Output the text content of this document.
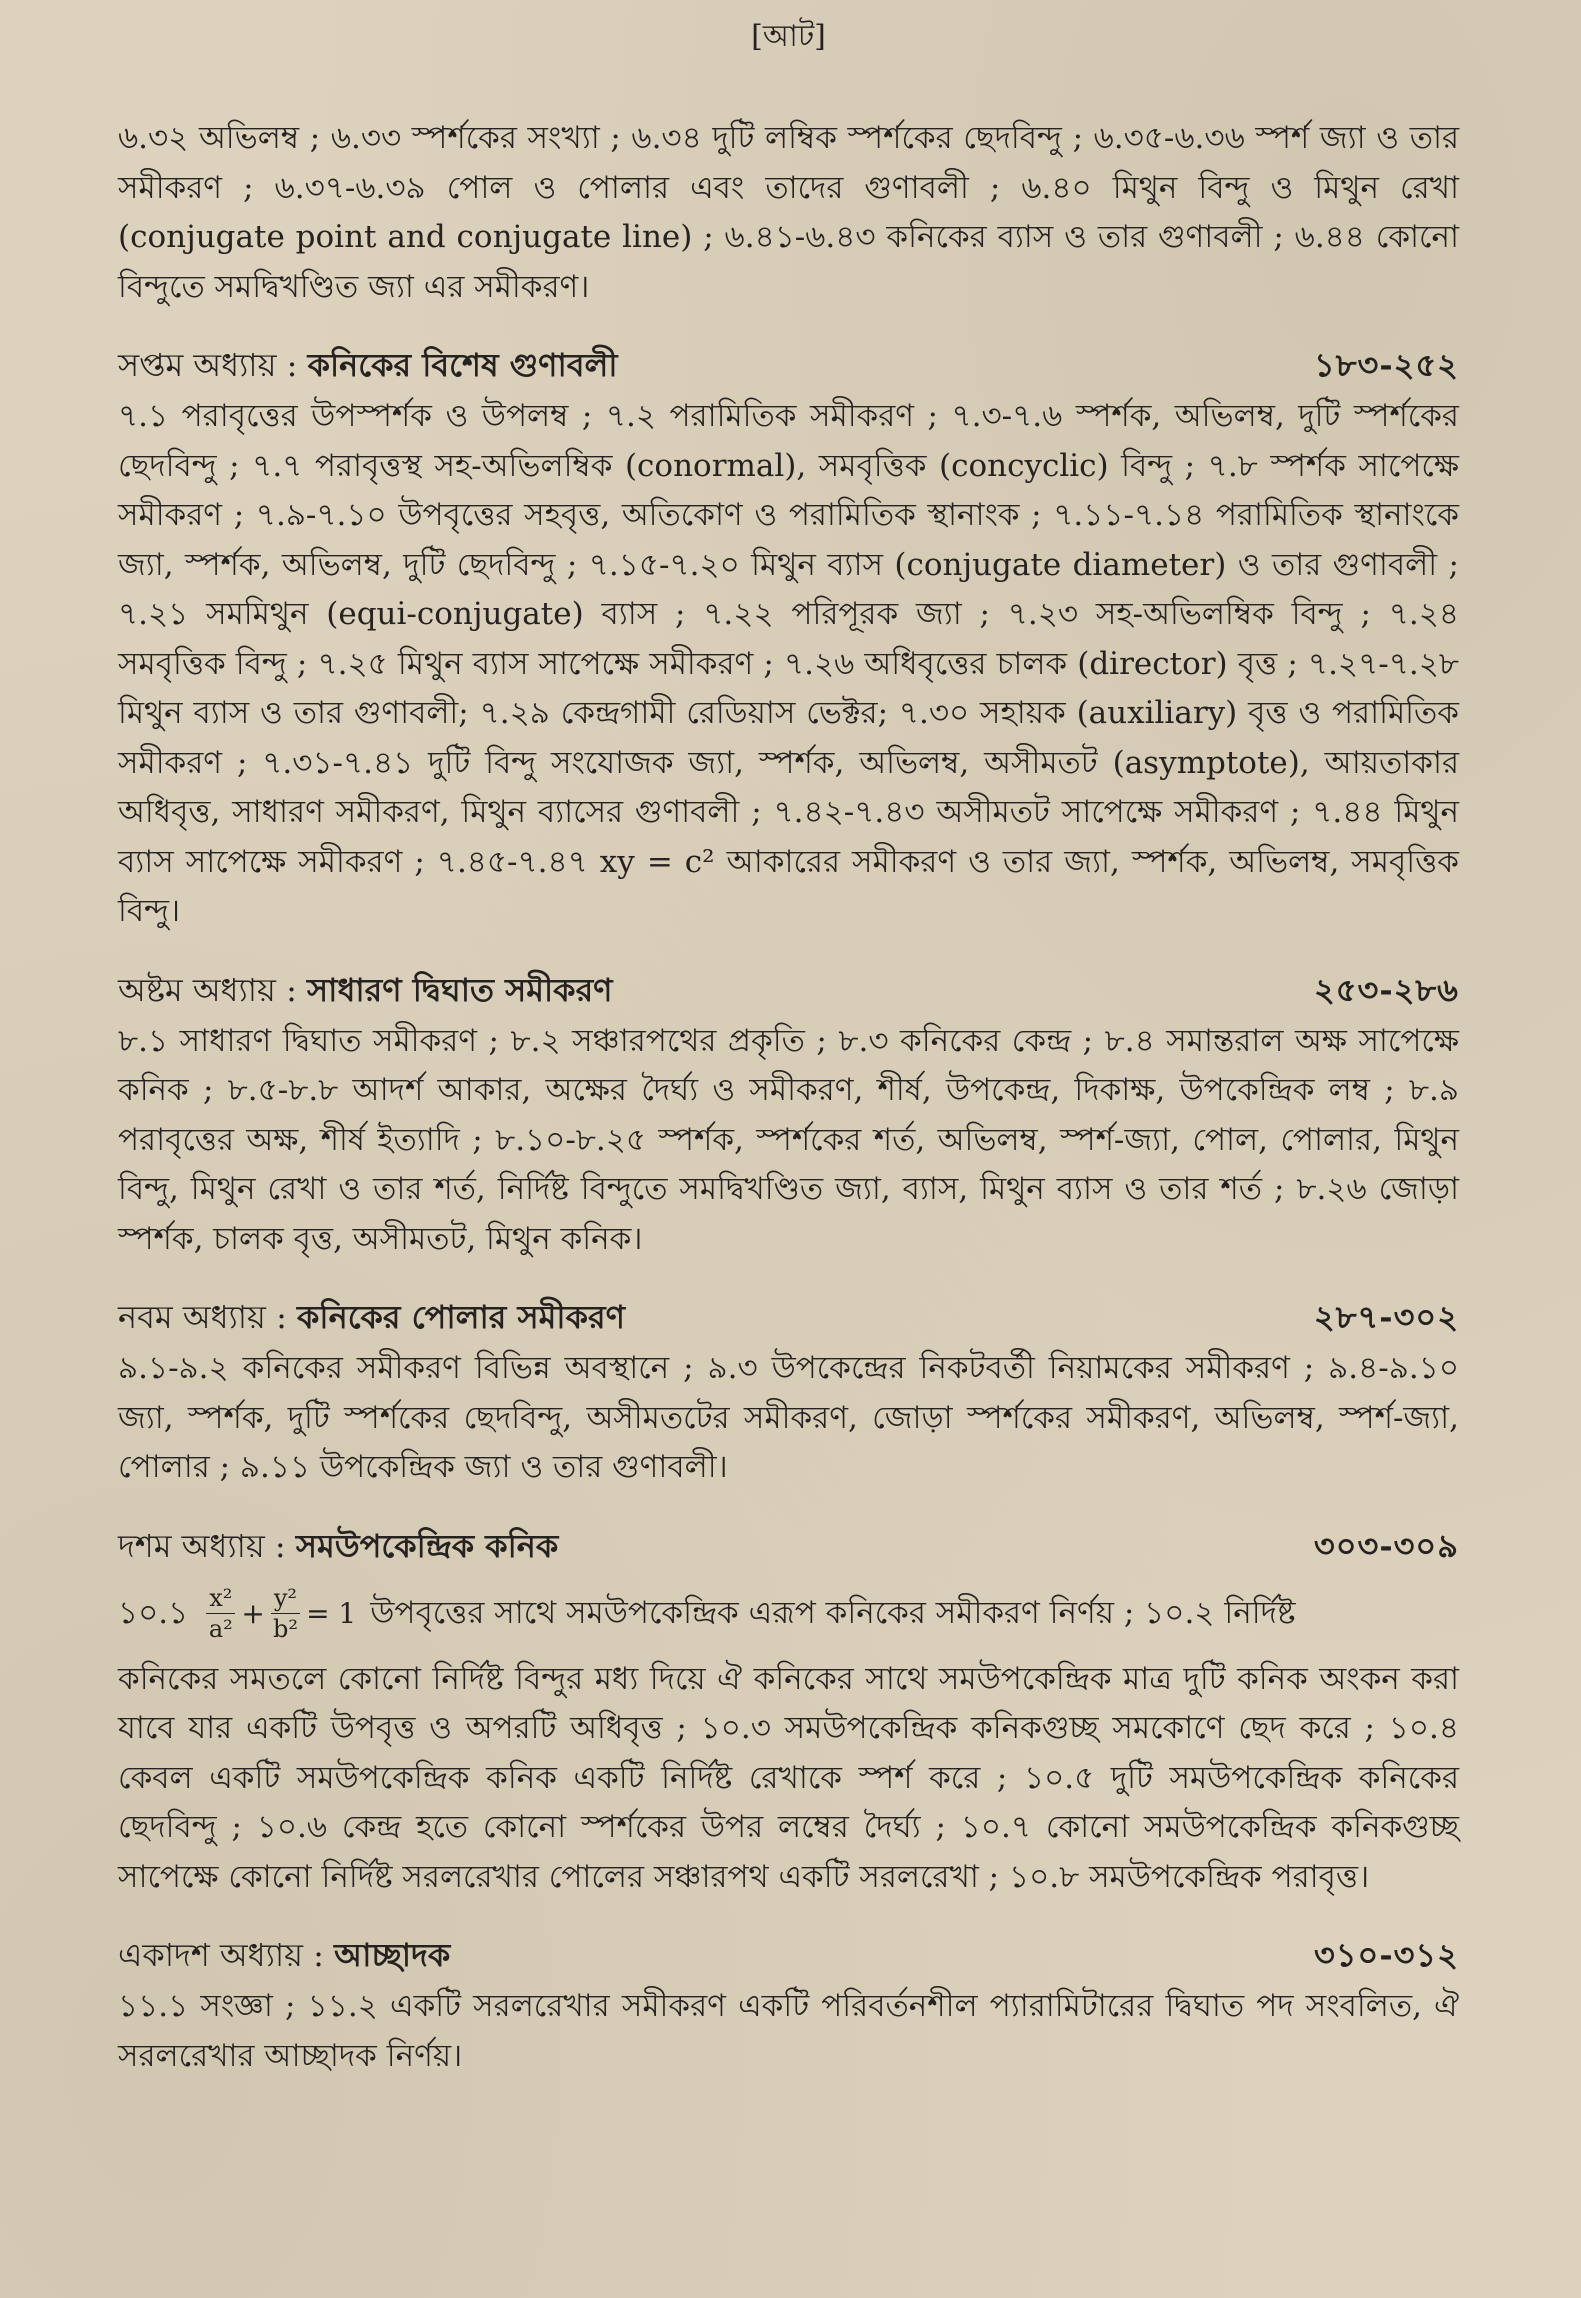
[আট]

৬.৩২ অভিলম্ব ; ৬.৩৩ স্পর্শকের সংখ্যা ; ৬.৩৪ দুটি লম্বিক স্পর্শকের ছেদবিন্দু ; ৬.৩৫-৬.৩৬ স্পর্শ জ্যা ও তার সমীকরণ ; ৬.৩৭-৬.৩৯ পোল ও পোলার এবং তাদের গুণাবলী ; ৬.৪০ মিথুন বিন্দু ও মিথুন রেখা (conjugate point and conjugate line) ; ৬.৪১-৬.৪৩ কনিকের ব্যাস ও তার গুণাবলী ; ৬.৪৪ কোনো বিন্দুতে সমদ্বিখণ্ডিত জ্যা এর সমীকরণ।

সপ্তম অধ্যায় : কনিকের বিশেষ গুণাবলী	১৮৩-২৫২

৭.১ পরাবৃত্তের উপস্পর্শক ও উপলম্ব ; ৭.২ পরামিতিক সমীকরণ ; ৭.৩-৭.৬ স্পর্শক, অভিলম্ব, দুটি স্পর্শকের ছেদবিন্দু ; ৭.৭ পরাবৃত্তস্থ সহ-অভিলম্বিক (conormal), সমবৃত্তিক (concyclic) বিন্দু ; ৭.৮ স্পর্শক সাপেক্ষে সমীকরণ ; ৭.৯-৭.১০ উপবৃত্তের সহবৃত্ত, অতিকোণ ও পরামিতিক স্থানাংক ; ৭.১১-৭.১৪ পরামিতিক স্থানাংকে জ্যা, স্পর্শক, অভিলম্ব, দুটি ছেদবিন্দু ; ৭.১৫-৭.২০ মিথুন ব্যাস (conjugate diameter) ও তার গুণাবলী ; ৭.২১ সমমিথুন (equi-conjugate) ব্যাস ; ৭.২২ পরিপূরক জ্যা ; ৭.২৩ সহ-অভিলম্বিক বিন্দু ; ৭.২৪ সমবৃত্তিক বিন্দু ; ৭.২৫ মিথুন ব্যাস সাপেক্ষে সমীকরণ ; ৭.২৬ অধিবৃত্তের চালক (director) বৃত্ত ; ৭.২৭-৭.২৮ মিথুন ব্যাস ও তার গুণাবলী; ৭.২৯ কেন্দ্রগামী রেডিয়াস ভেক্টর; ৭.৩০ সহায়ক (auxiliary) বৃত্ত ও পরামিতিক সমীকরণ ; ৭.৩১-৭.৪১ দুটি বিন্দু সংযোজক জ্যা, স্পর্শক, অভিলম্ব, অসীমতট (asymptote), আয়তাকার অধিবৃত্ত, সাধারণ সমীকরণ, মিথুন ব্যাসের গুণাবলী ; ৭.৪২-৭.৪৩ অসীমতট সাপেক্ষে সমীকরণ ; ৭.৪৪ মিথুন ব্যাস সাপেক্ষে সমীকরণ ; ৭.৪৫-৭.৪৭ xy = c² আকারের সমীকরণ ও তার জ্যা, স্পর্শক, অভিলম্ব, সমবৃত্তিক বিন্দু।

অষ্টম অধ্যায় : সাধারণ দ্বিঘাত সমীকরণ	২৫৩-২৮৬

৮.১ সাধারণ দ্বিঘাত সমীকরণ ; ৮.২ সঞ্চারপথের প্রকৃতি ; ৮.৩ কনিকের কেন্দ্র ; ৮.৪ সমান্তরাল অক্ষ সাপেক্ষে কনিক ; ৮.৫-৮.৮ আদর্শ আকার, অক্ষের দৈর্ঘ্য ও সমীকরণ, শীর্ষ, উপকেন্দ্র, দিকাক্ষ, উপকেন্দ্রিক লম্ব ; ৮.৯ পরাবৃত্তের অক্ষ, শীর্ষ ইত্যাদি ; ৮.১০-৮.২৫ স্পর্শক, স্পর্শকের শর্ত, অভিলম্ব, স্পর্শ-জ্যা, পোল, পোলার, মিথুন বিন্দু, মিথুন রেখা ও তার শর্ত, নির্দিষ্ট বিন্দুতে সমদ্বিখণ্ডিত জ্যা, ব্যাস, মিথুন ব্যাস ও তার শর্ত ; ৮.২৬ জোড়া স্পর্শক, চালক বৃত্ত, অসীমতট, মিথুন কনিক।

নবম অধ্যায় : কনিকের পোলার সমীকরণ	২৮৭-৩০২

৯.১-৯.২ কনিকের সমীকরণ বিভিন্ন অবস্থানে ; ৯.৩ উপকেন্দ্রের নিকটবর্তী নিয়ামকের সমীকরণ ; ৯.৪-৯.১০ জ্যা, স্পর্শক, দুটি স্পর্শকের ছেদবিন্দু, অসীমতটের সমীকরণ, জোড়া স্পর্শকের সমীকরণ, অভিলম্ব, স্পর্শ-জ্যা, পোলার ; ৯.১১ উপকেন্দ্রিক জ্যা ও তার গুণাবলী।

দশম অধ্যায় : সমউপকেন্দ্রিক কনিক	৩০৩-৩০৯
১০.১ $\frac{\text{x²}}{\text{a²}} + \frac{\text{y²}}{\text{b²}} = 1$ উপবৃত্তের সাথে সমউপকেন্দ্রিক এরূপ কনিকের সমীকরণ নির্ণয় ; ১০.২ নির্দিষ্ট

কনিকের সমতলে কোনো নির্দিষ্ট বিন্দুর মধ্য দিয়ে ঐ কনিকের সাথে সমউপকেন্দ্রিক মাত্র দুটি কনিক অংকন করা যাবে যার একটি উপবৃত্ত ও অপরটি অধিবৃত্ত ; ১০.৩ সমউপকেন্দ্রিক কনিকগুচ্ছ সমকোণে ছেদ করে ; ১০.৪ কেবল একটি সমউপকেন্দ্রিক কনিক একটি নির্দিষ্ট রেখাকে স্পর্শ করে ; ১০.৫ দুটি সমউপকেন্দ্রিক কনিকের ছেদবিন্দু ; ১০.৬ কেন্দ্র হতে কোনো স্পর্শকের উপর লম্বের দৈর্ঘ্য ; ১০.৭ কোনো সমউপকেন্দ্রিক কনিকগুচ্ছ সাপেক্ষে কোনো নির্দিষ্ট সরলরেখার পোলের সঞ্চারপথ একটি সরলরেখা ; ১০.৮ সমউপকেন্দ্রিক পরাবৃত্ত।

একাদশ অধ্যায় : আচ্ছাদক	৩১০-৩১২

১১.১ সংজ্ঞা ; ১১.২ একটি সরলরেখার সমীকরণ একটি পরিবর্তনশীল প্যারামিটারের দ্বিঘাত পদ সংবলিত, ঐ সরলরেখার আচ্ছাদক নির্ণয়।
